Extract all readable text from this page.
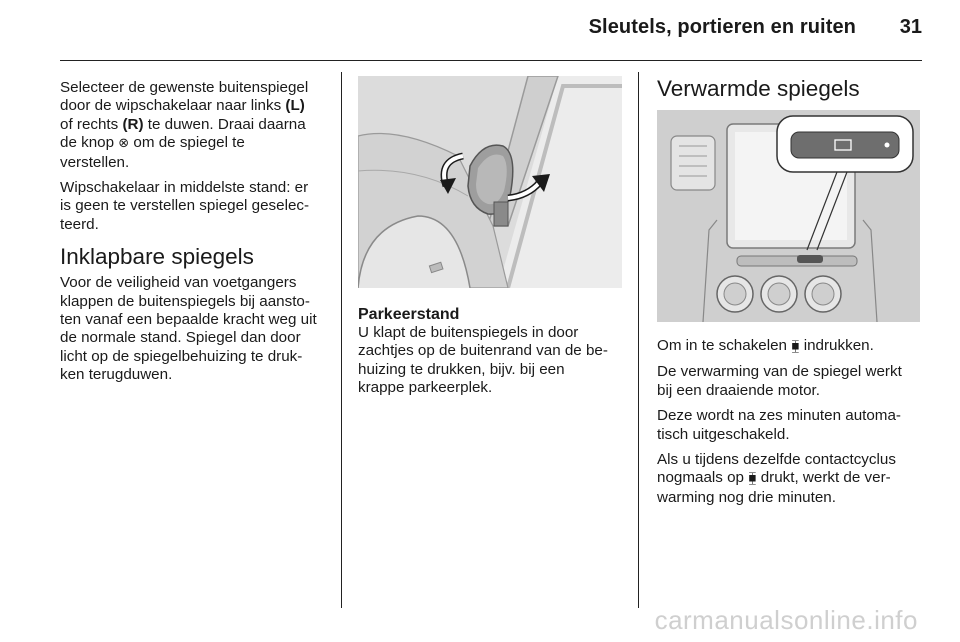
Sleutels, portieren en ruiten 31

Selecteer de gewenste buitenspiegel
door de wipschakelaar naar links (L)
of rechts (R) te duwen. Draai daarna
de knop ⊗ om de spiegel te
verstellen.

Wipschakelaar in middelste stand: er
is geen te verstellen spiegel geselec-
teerd.

Inklapbare spiegels

Voor de veiligheid van voetgangers
klappen de buitenspiegels bij aansto-
ten vanaf een bepaalde kracht weg uit
de normale stand. Spiegel dan door
licht op de spiegelbehuizing te druk-
ken terugduwen.

Parkeerstand

U klapt de buitenspiegels in door
zachtjes op de buitenrand van de be-
huizing te drukken, bijv. bij een
krappe parkeerplek.

Verwarmde spiegels

Om in te schakelen ⧯ indrukken.

De verwarming van de spiegel werkt
bij een draaiende motor.

Deze wordt na zes minuten automa-
tisch uitgeschakeld.

Als u tijdens dezelfde contactcyclus
nogmaals op ⧯ drukt, werkt de ver-
warming nog drie minuten.

carmanualsonline.info
